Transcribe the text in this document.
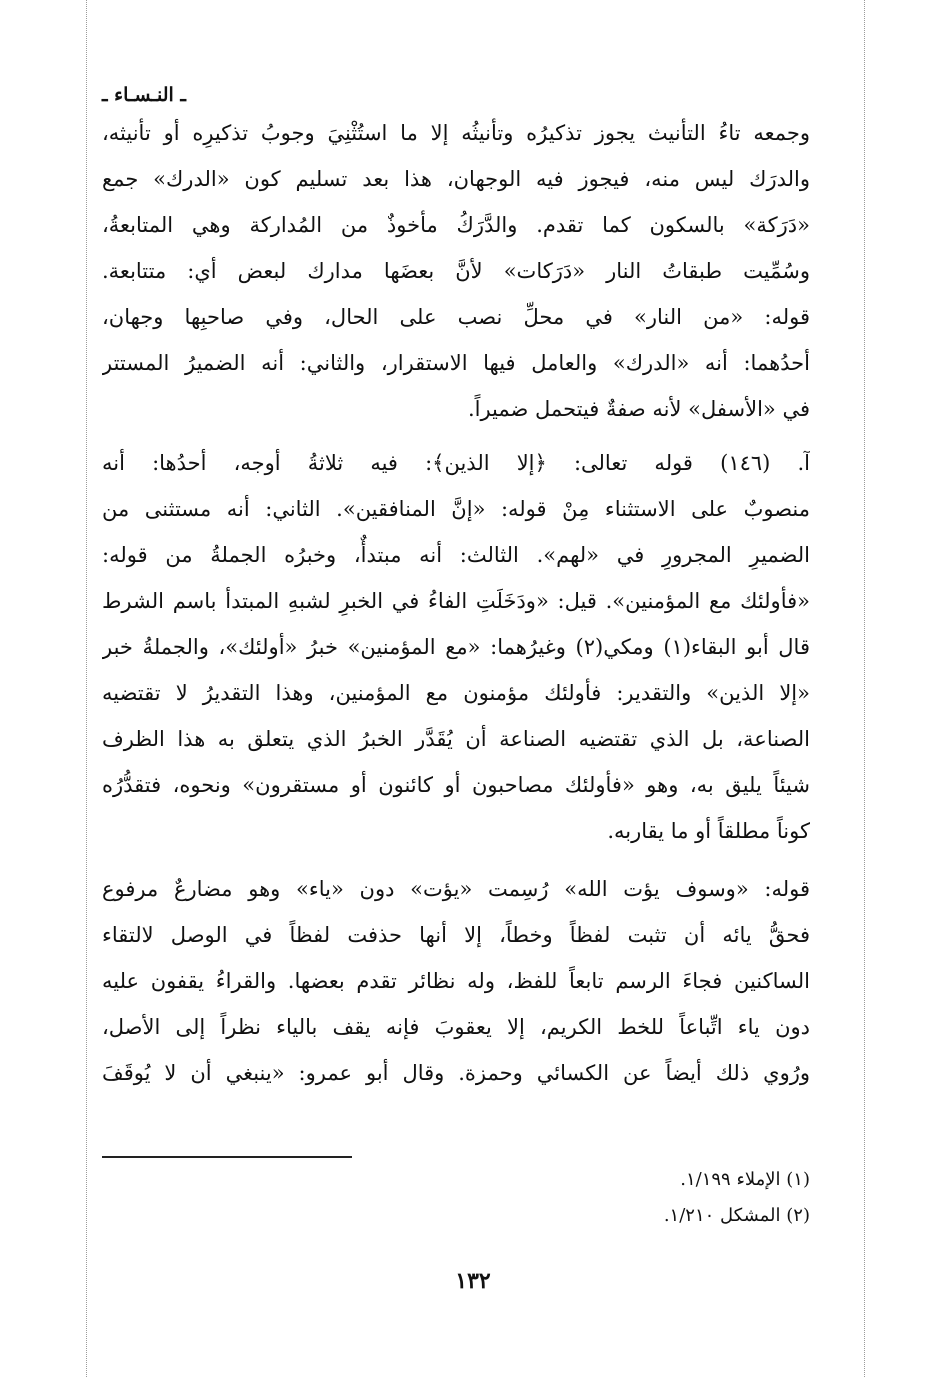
ـ النـسـاء ـ
وجمعه تاءُ التأنيث يجوز تذكيرُه وتأنيثُه إلا ما استُثْنِيَ وجوبُ تذكيرِه أو تأنيثه،
والدرَك ليس منه، فيجوز فيه الوجهان، هذا بعد تسليم كون «الدرك» جمع
«دَرَكة» بالسكون كما تقدم. والدَّرَكُ مأخوذٌ من المُداركة وهي المتابعةُ،
وسُمِّيت طبقاتُ النار «دَرَكات» لأنَّ بعضَها مدارك لبعض أي: متتابعة.
قوله: «من النار» في محلِّ نصب على الحال، وفي صاحبِها وجهان،
أحدُهما: أنه «الدرك» والعامل فيها الاستقرار، والثاني: أنه الضميرُ المستتر
في «الأسفل» لأنه صفةٌ فيتحمل ضميراً.
آ. (١٤٦) قوله تعالى: ﴿إلا الذين﴾: فيه ثلاثةُ أوجه، أحدُها: أنه
منصوبٌ على الاستثناء مِنْ قوله: «إنَّ المنافقين». الثاني: أنه مستثنى من
الضميرِ المجرورِ في «لهم». الثالث: أنه مبتدأٌ، وخبرُه الجملةُ من قوله:
«فأولئك مع المؤمنين». قيل: «ودَخَلَتِ الفاءُ في الخبرِ لشبهِ المبتدأ باسم الشرط
قال أبو البقاء(١) ومكي(٢) وغيرُهما: «مع المؤمنين» خبرُ «أولئك»، والجملةُ خبر
«إلا الذين» والتقدير: فأولئك مؤمنون مع المؤمنين، وهذا التقديرُ لا تقتضيه
الصناعة، بل الذي تقتضيه الصناعة أن يُقَدَّر الخبرُ الذي يتعلق به هذا الظرف
شيئاً يليق به، وهو «فأولئك مصاحبون أو كائنون أو مستقرون» ونحوه، فتقدُّرُه
كوناً مطلقاً أو ما يقاربه.
قوله: «وسوف يؤت الله» رُسِمت «يؤت» دون «ياء» وهو مضارعٌ مرفوع
فحقُّ يائه أن تثبت لفظاً وخطاً، إلا أنها حذفت لفظاً في الوصل لالتقاء
الساكنين فجاءَ الرسم تابعاً للفظ، وله نظائر تقدم بعضها. والقراءُ يقفون عليه
دون ياء اتِّباعاً للخط الكريم، إلا يعقوبَ فإنه يقف بالياء نظراً إلى الأصل،
ورُوي ذلك أيضاً عن الكسائي وحمزة. وقال أبو عمرو: «ينبغي أن لا يُوقَفَ
(١) الإملاء ١/١٩٩.
(٢) المشكل ١/٢١٠.
١٣٢
